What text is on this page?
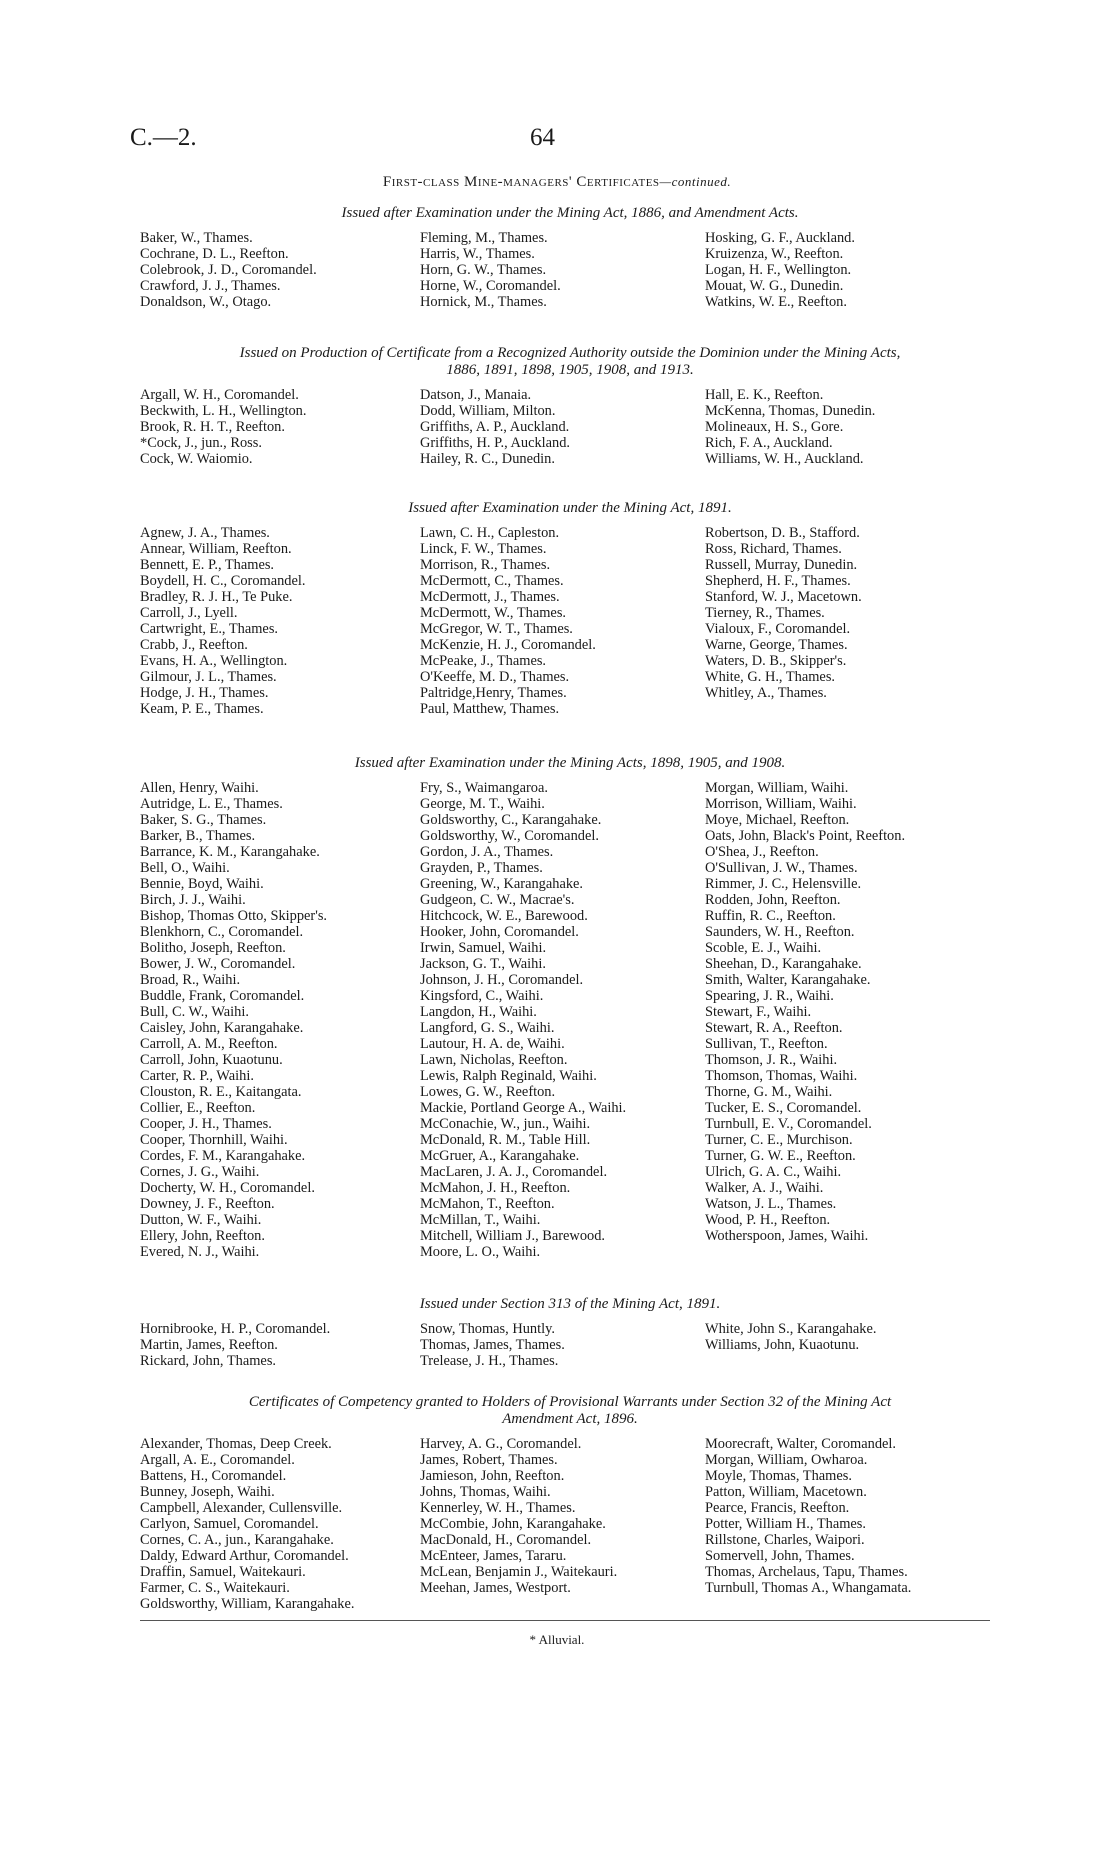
C.—2.	64
First-class Mine-managers' Certificates—continued.
Issued after Examination under the Mining Act, 1886, and Amendment Acts.
Baker, W., Thames.
Cochrane, D. L., Reefton.
Colebrook, J. D., Coromandel.
Crawford, J. J., Thames.
Donaldson, W., Otago.
Fleming, M., Thames.
Harris, W., Thames.
Horn, G. W., Thames.
Horne, W., Coromandel.
Hornick, M., Thames.
Hosking, G. F., Auckland.
Kruizenza, W., Reefton.
Logan, H. F., Wellington.
Mouat, W. G., Dunedin.
Watkins, W. E., Reefton.
Issued on Production of Certificate from a Recognized Authority outside the Dominion under the Mining Acts,
1886, 1891, 1898, 1905, 1908, and 1913.
Argall, W. H., Coromandel.
Beckwith, L. H., Wellington.
Brook, R. H. T., Reefton.
*Cock, J., jun., Ross.
Cock, W. Waiomio.
Datson, J., Manaia.
Dodd, William, Milton.
Griffiths, A. P., Auckland.
Griffiths, H. P., Auckland.
Hailey, R. C., Dunedin.
Hall, E. K., Reefton.
McKenna, Thomas, Dunedin.
Molineaux, H. S., Gore.
Rich, F. A., Auckland.
Williams, W. H., Auckland.
Issued after Examination under the Mining Act, 1891.
Agnew, J. A., Thames.
Annear, William, Reefton.
Bennett, E. P., Thames.
Boydell, H. C., Coromandel.
Bradley, R. J. H., Te Puke.
Carroll, J., Lyell.
Cartwright, E., Thames.
Crabb, J., Reefton.
Evans, H. A., Wellington.
Gilmour, J. L., Thames.
Hodge, J. H., Thames.
Keam, P. E., Thames.
Lawn, C. H., Capleston.
Linck, F. W., Thames.
Morrison, R., Thames.
McDermott, C., Thames.
McDermott, J., Thames.
McDermott, W., Thames.
McGregor, W. T., Thames.
McKenzie, H. J., Coromandel.
McPeake, J., Thames.
O'Keeffe, M. D., Thames.
Paltridge,Henry, Thames.
Paul, Matthew, Thames.
Robertson, D. B., Stafford.
Ross, Richard, Thames.
Russell, Murray, Dunedin.
Shepherd, H. F., Thames.
Stanford, W. J., Macetown.
Tierney, R., Thames.
Vialoux, F., Coromandel.
Warne, George, Thames.
Waters, D. B., Skipper's.
White, G. H., Thames.
Whitley, A., Thames.
Issued after Examination under the Mining Acts, 1898, 1905, and 1908.
Allen, Henry, Waihi.
Autridge, L. E., Thames.
Baker, S. G., Thames.
Barker, B., Thames.
Barrance, K. M., Karangahake.
Bell, O., Waihi.
Bennie, Boyd, Waihi.
Birch, J. J., Waihi.
Bishop, Thomas Otto, Skipper's.
Blenkhorn, C., Coromandel.
Bolitho, Joseph, Reefton.
Bower, J. W., Coromandel.
Broad, R., Waihi.
Buddle, Frank, Coromandel.
Bull, C. W., Waihi.
Caisley, John, Karangahake.
Carroll, A. M., Reefton.
Carroll, John, Kuaotunu.
Carter, R. P., Waihi.
Clouston, R. E., Kaitangata.
Collier, E., Reefton.
Cooper, J. H., Thames.
Cooper, Thornhill, Waihi.
Cordes, F. M., Karangahake.
Cornes, J. G., Waihi.
Docherty, W. H., Coromandel.
Downey, J. F., Reefton.
Dutton, W. F., Waihi.
Ellery, John, Reefton.
Evered, N. J., Waihi.
Fry, S., Waimangaroa.
George, M. T., Waihi.
Goldsworthy, C., Karangahake.
Goldsworthy, W., Coromandel.
Gordon, J. A., Thames.
Grayden, P., Thames.
Greening, W., Karangahake.
Gudgeon, C. W., Macrae's.
Hitchcock, W. E., Barewood.
Hooker, John, Coromandel.
Irwin, Samuel, Waihi.
Jackson, G. T., Waihi.
Johnson, J. H., Coromandel.
Kingsford, C., Waihi.
Langdon, H., Waihi.
Langford, G. S., Waihi.
Lautour, H. A. de, Waihi.
Lawn, Nicholas, Reefton.
Lewis, Ralph Reginald, Waihi.
Lowes, G. W., Reefton.
Mackie, Portland George A., Waihi.
McConachie, W., jun., Waihi.
McDonald, R. M., Table Hill.
McGruer, A., Karangahake.
MacLaren, J. A. J., Coromandel.
McMahon, J. H., Reefton.
McMahon, T., Reefton.
McMillan, T., Waihi.
Mitchell, William J., Barewood.
Moore, L. O., Waihi.
Morgan, William, Waihi.
Morrison, William, Waihi.
Moye, Michael, Reefton.
Oats, John, Black's Point, Reefton.
O'Shea, J., Reefton.
O'Sullivan, J. W., Thames.
Rimmer, J. C., Helensville.
Rodden, John, Reefton.
Ruffin, R. C., Reefton.
Saunders, W. H., Reefton.
Scoble, E. J., Waihi.
Sheehan, D., Karangahake.
Smith, Walter, Karangahake.
Spearing, J. R., Waihi.
Stewart, F., Waihi.
Stewart, R. A., Reefton.
Sullivan, T., Reefton.
Thomson, J. R., Waihi.
Thomson, Thomas, Waihi.
Thorne, G. M., Waihi.
Tucker, E. S., Coromandel.
Turnbull, E. V., Coromandel.
Turner, C. E., Murchison.
Turner, G. W. E., Reefton.
Ulrich, G. A. C., Waihi.
Walker, A. J., Waihi.
Watson, J. L., Thames.
Wood, P. H., Reefton.
Wotherspoon, James, Waihi.
Issued under Section 313 of the Mining Act, 1891.
Hornibrooke, H. P., Coromandel.
Martin, James, Reefton.
Rickard, John, Thames.
Snow, Thomas, Huntly.
Thomas, James, Thames.
Trelease, J. H., Thames.
White, John S., Karangahake.
Williams, John, Kuaotunu.
Certificates of Competency granted to Holders of Provisional Warrants under Section 32 of the Mining Act
Amendment Act, 1896.
Alexander, Thomas, Deep Creek.
Argall, A. E., Coromandel.
Battens, H., Coromandel.
Bunney, Joseph, Waihi.
Campbell, Alexander, Cullensville.
Carlyon, Samuel, Coromandel.
Cornes, C. A., jun., Karangahake.
Daldy, Edward Arthur, Coromandel.
Draffin, Samuel, Waitekauri.
Farmer, C. S., Waitekauri.
Goldsworthy, William, Karangahake.
Harvey, A. G., Coromandel.
James, Robert, Thames.
Jamieson, John, Reefton.
Johns, Thomas, Waihi.
Kennerley, W. H., Thames.
McCombie, John, Karangahake.
MacDonald, H., Coromandel.
McEnteer, James, Tararu.
McLean, Benjamin J., Waitekauri.
Meehan, James, Westport.
Moorecraft, Walter, Coromandel.
Morgan, William, Owharoa.
Moyle, Thomas, Thames.
Patton, William, Macetown.
Pearce, Francis, Reefton.
Potter, William H., Thames.
Rillstone, Charles, Waipori.
Somervell, John, Thames.
Thomas, Archelaus, Tapu, Thames.
Turnbull, Thomas A., Whangamata.
* Alluvial.
